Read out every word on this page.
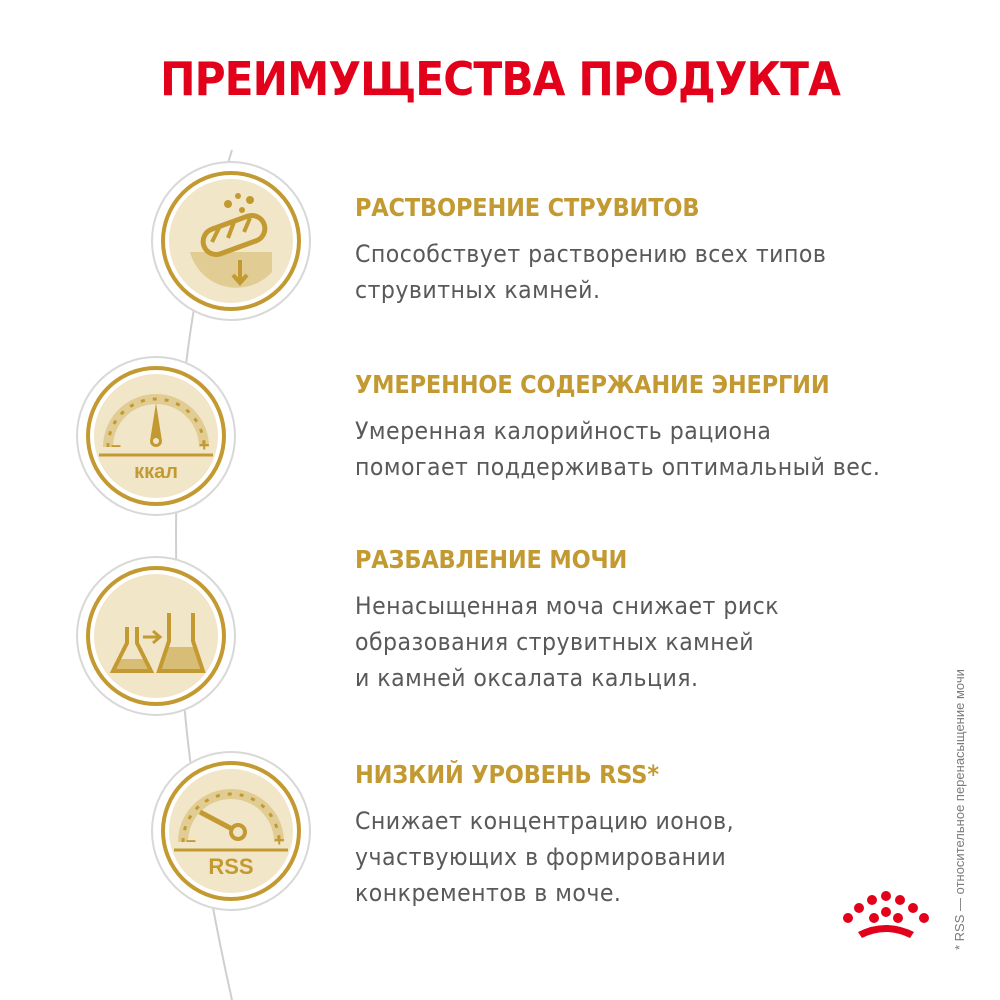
ПРЕИМУЩЕСТВА ПРОДУКТА
–	+
ккал
–	+
RSS
РАСТВОРЕНИЕ СТРУВИТОВ

Способствует растворению всех типов
струвитных камней.

УМЕРЕННОЕ СОДЕРЖАНИЕ ЭНЕРГИИ

Умеренная калорийность рациона
помогает поддерживать оптимальный вес.

РАЗБАВЛЕНИЕ МОЧИ

Ненасыщенная моча снижает риск
образования струвитных камней
и камней оксалата кальция.

НИЗКИЙ УРОВЕНЬ RSS*

Снижает концентрацию ионов,
участвующих в формировании
конкрементов в моче.	* RSS — относительное перенасыщение мочи
